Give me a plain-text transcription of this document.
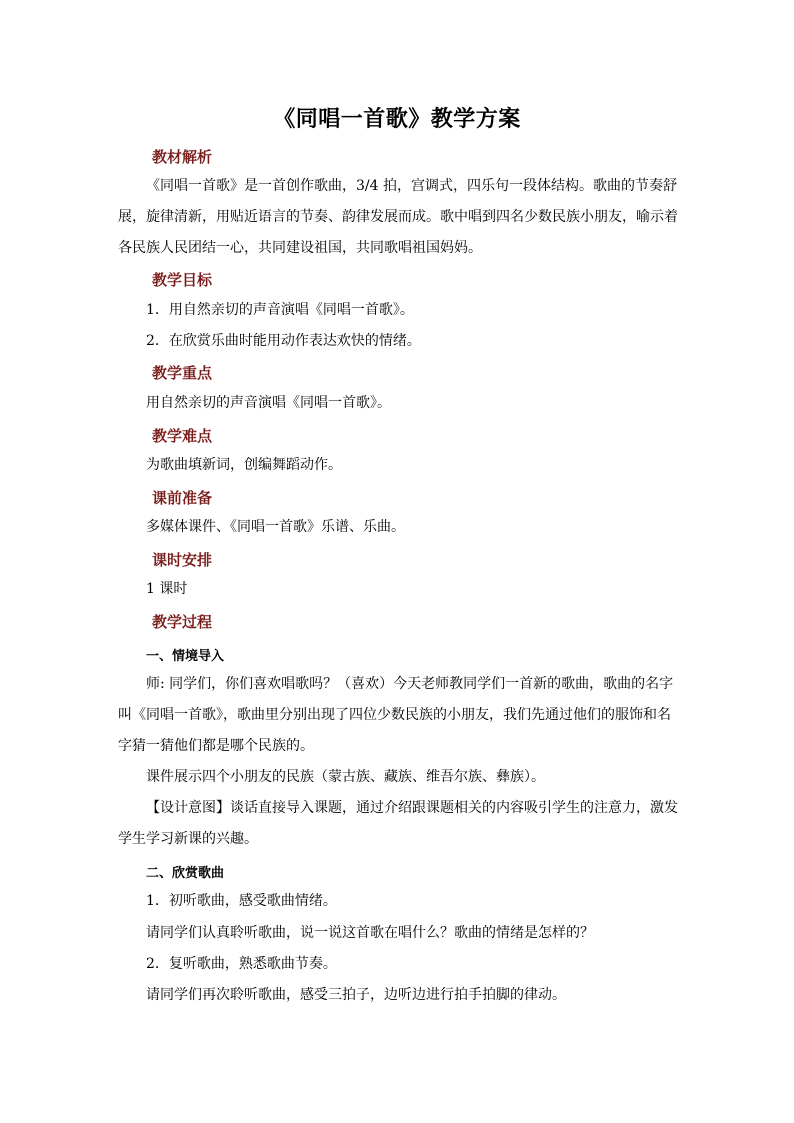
《同唱一首歌》教学方案
教材解析
《同唱一首歌》是一首创作歌曲，3/4 拍，宫调式，四乐句一段体结构。歌曲的节奏舒
展，旋律清新，用贴近语言的节奏、韵律发展而成。歌中唱到四名少数民族小朋友，喻示着
各民族人民团结一心，共同建设祖国，共同歌唱祖国妈妈。
教学目标
1．用自然亲切的声音演唱《同唱一首歌》。
2．在欣赏乐曲时能用动作表达欢快的情绪。
教学重点
用自然亲切的声音演唱《同唱一首歌》。
教学难点
为歌曲填新词，创编舞蹈动作。
课前准备
多媒体课件、《同唱一首歌》乐谱、乐曲。
课时安排
1 课时
教学过程
一、情境导入
师: 同学们，你们喜欢唱歌吗？（喜欢）今天老师教同学们一首新的歌曲，歌曲的名字
叫《同唱一首歌》，歌曲里分别出现了四位少数民族的小朋友，我们先通过他们的服饰和名
字猜一猜他们都是哪个民族的。
课件展示四个小朋友的民族（蒙古族、藏族、维吾尔族、彝族）。
【设计意图】谈话直接导入课题，通过介绍跟课题相关的内容吸引学生的注意力，激发
学生学习新课的兴趣。
二、欣赏歌曲
1．初听歌曲，感受歌曲情绪。
请同学们认真聆听歌曲，说一说这首歌在唱什么？歌曲的情绪是怎样的？
2．复听歌曲，熟悉歌曲节奏。
请同学们再次聆听歌曲，感受三拍子，边听边进行拍手拍脚的律动。
